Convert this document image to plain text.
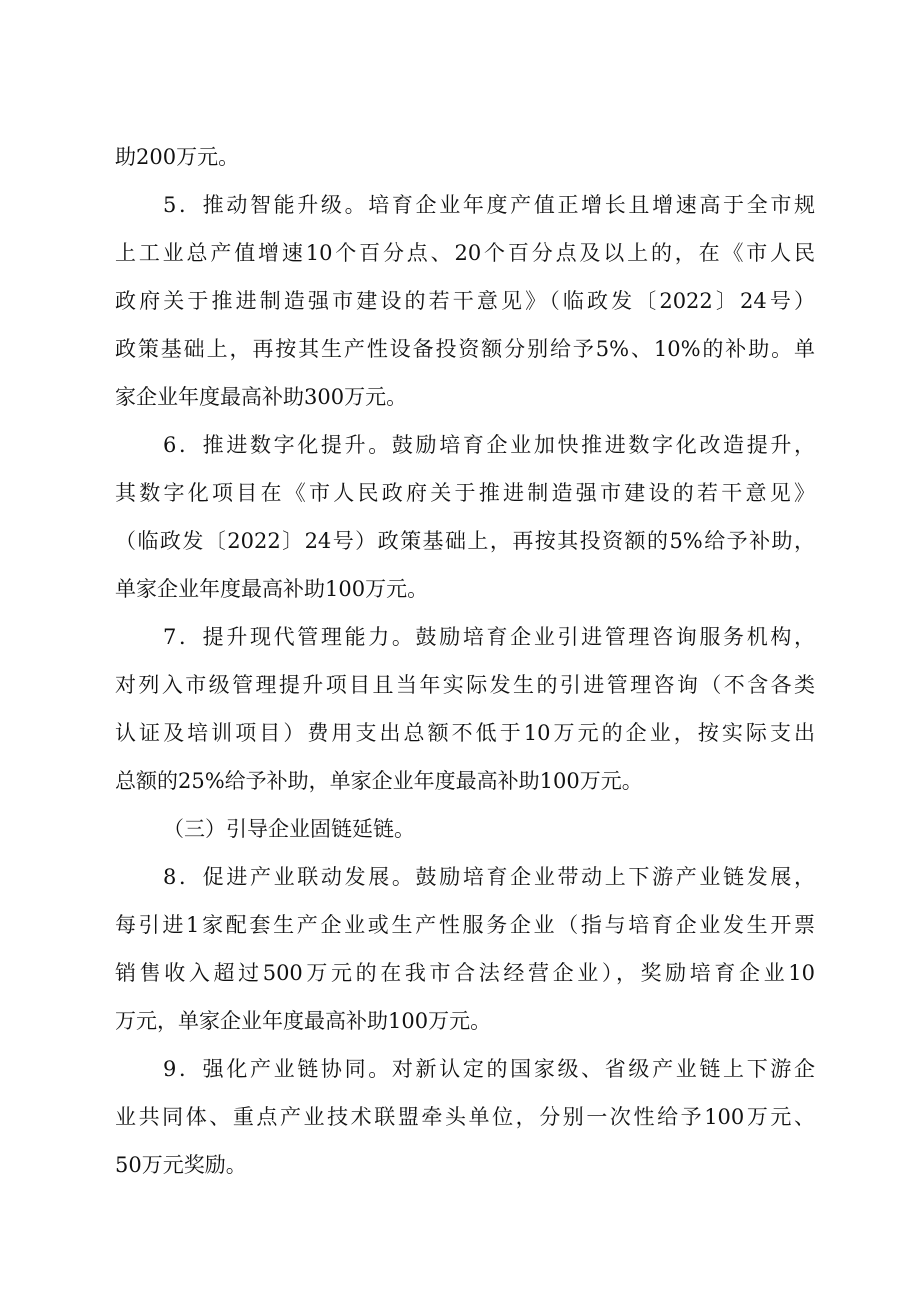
助200万元。
5．推动智能升级。培育企业年度产值正增长且增速高于全市规
上工业总产值增速10个百分点、20个百分点及以上的，在《市人民
政府关于推进制造强市建设的若干意见》（临政发〔2022〕24号）
政策基础上，再按其生产性设备投资额分别给予5%、10%的补助。单
家企业年度最高补助300万元。
6．推进数字化提升。鼓励培育企业加快推进数字化改造提升，
其数字化项目在《市人民政府关于推进制造强市建设的若干意见》
（临政发〔2022〕24号）政策基础上，再按其投资额的5%给予补助，
单家企业年度最高补助100万元。
7．提升现代管理能力。鼓励培育企业引进管理咨询服务机构，
对列入市级管理提升项目且当年实际发生的引进管理咨询（不含各类
认证及培训项目）费用支出总额不低于10万元的企业，按实际支出
总额的25%给予补助，单家企业年度最高补助100万元。
（三）引导企业固链延链。
8．促进产业联动发展。鼓励培育企业带动上下游产业链发展，
每引进1家配套生产企业或生产性服务企业（指与培育企业发生开票
销售收入超过500万元的在我市合法经营企业），奖励培育企业10
万元，单家企业年度最高补助100万元。
9．强化产业链协同。对新认定的国家级、省级产业链上下游企
业共同体、重点产业技术联盟牵头单位，分别一次性给予100万元、
50万元奖励。
